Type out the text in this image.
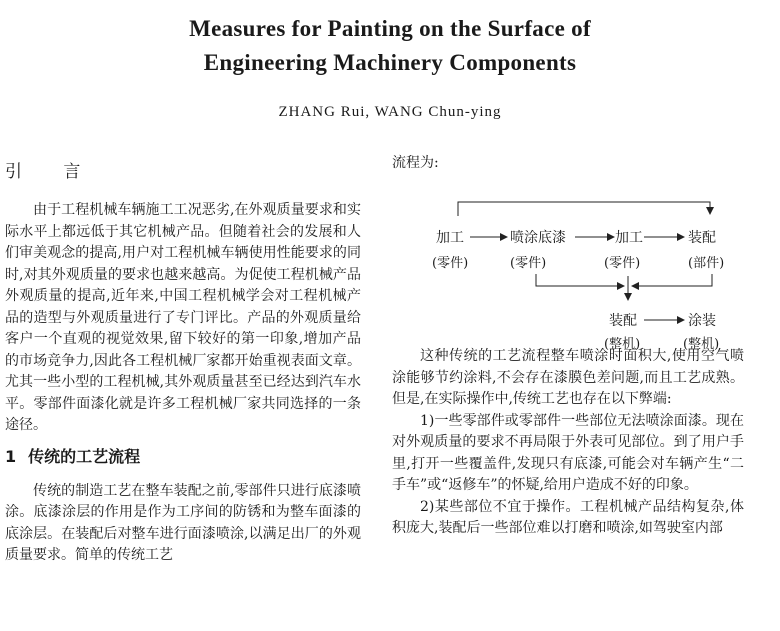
Measures for Painting on the Surface of
Engineering Machinery Components
ZHANG Rui, WANG Chun-ying
引 言

由于工程机械车辆施工工况恶劣,在外观质量要求和实际水平上都远低于其它机械产品。但随着社会的发展和人们审美观念的提高,用户对工程机械车辆使用性能要求的同时,对其外观质量的要求也越来越高。为促使工程机械产品外观质量的提高,近年来,中国工程机械学会对工程机械产品的造型与外观质量进行了专门评比。产品的外观质量给客户一个直观的视觉效果,留下较好的第一印象,增加产品的市场竞争力,因此各工程机械厂家都开始重视表面文章。尤其一些小型的工程机械,其外观质量甚至已经达到汽车水平。零部件面漆化就是许多工程机械厂家共同选择的一条途径。

1 传统的工艺流程

传统的制造工艺在整车装配之前,零部件只进行底漆喷涂。底漆涂层的作用是作为工序间的防锈和为整车面漆的底涂层。在装配后对整车进行面漆喷涂,以满足出厂的外观质量要求。简单的传统工艺

流程为:

加工	喷涂底漆	加工	装配
(零件)	(零件)	(零件)	(部件)
装配	涂装
(整机)	(整机)

这种传统的工艺流程整车喷涂时面积大,使用空气喷涂能够节约涂料,不会存在漆膜色差问题,而且工艺成熟。但是,在实际操作中,传统工艺也存在以下弊端:

1)一些零部件或零部件一些部位无法喷涂面漆。现在对外观质量的要求不再局限于外表可见部位。到了用户手里,打开一些覆盖件,发现只有底漆,可能会对车辆产生“二手车”或“返修车”的怀疑,给用户造成不好的印象。

2)某些部位不宜于操作。工程机械产品结构复杂,体积庞大,装配后一些部位难以打磨和喷涂,如驾驶室内部
